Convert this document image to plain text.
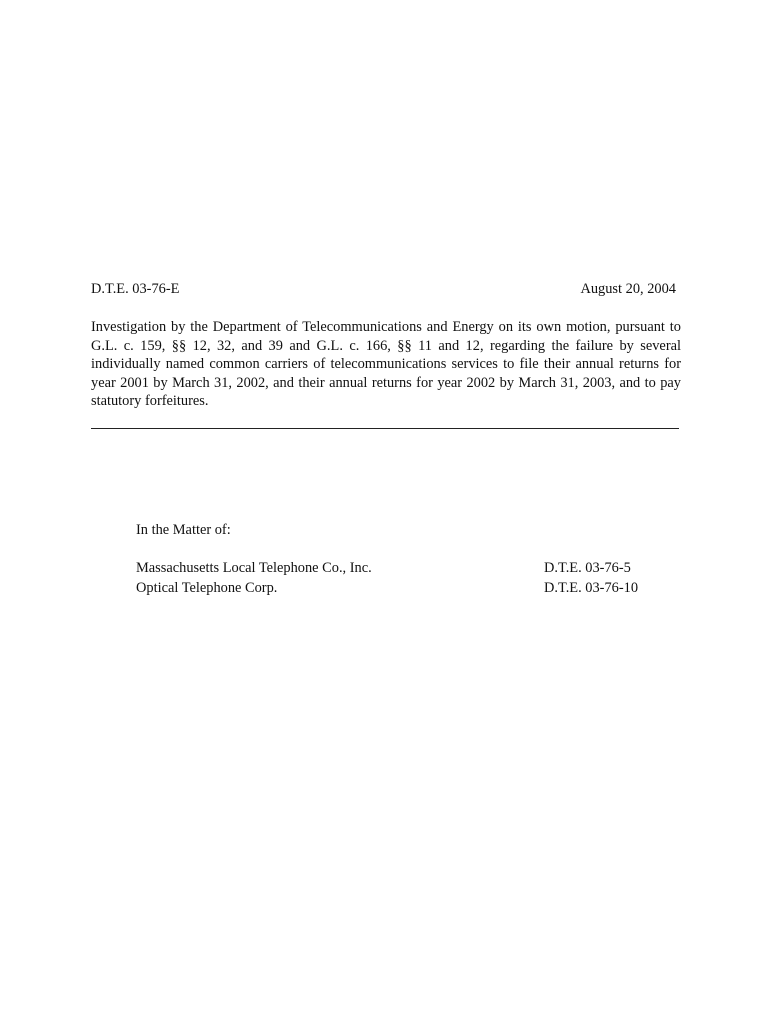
D.T.E. 03-76-E	August 20, 2004
Investigation by the Department of Telecommunications and Energy on its own motion, pursuant to G.L. c. 159, §§ 12, 32, and 39 and G.L. c. 166, §§ 11 and 12, regarding the failure by several individually named common carriers of telecommunications services to file their annual returns for year 2001 by March 31, 2002, and their annual returns for year 2002 by March 31, 2003, and to pay statutory forfeitures.
In the Matter of:
Massachusetts Local Telephone Co., Inc.	D.T.E. 03-76-5
Optical Telephone Corp.	D.T.E. 03-76-10
